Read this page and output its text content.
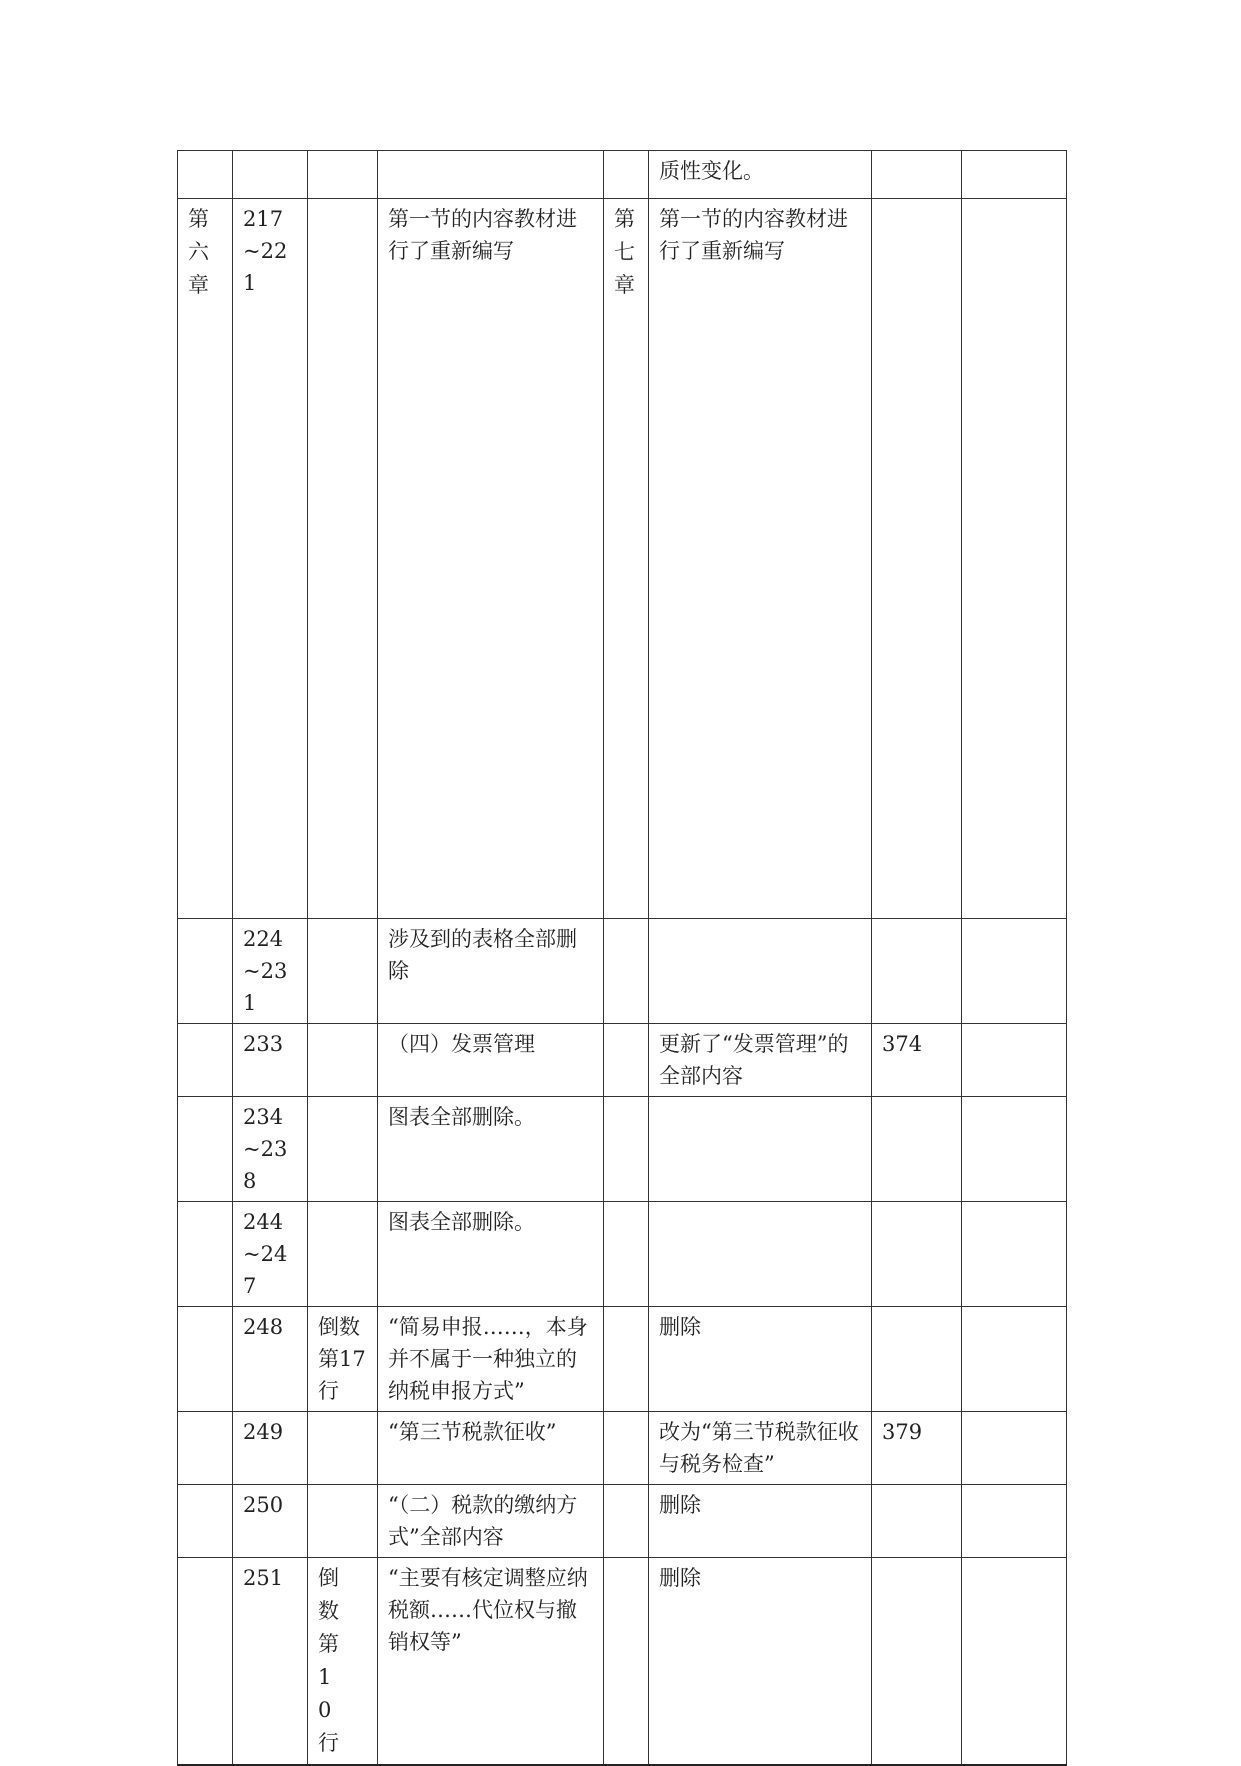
					质性变化。		

第六章	217~221		第一节的内容教材进行了重新编写	第七章	第一节的内容教材进行了重新编写		
	224~231		涉及到的表格全部删除				
	233		（四）发票管理		更新了“发票管理”的全部内容	374	
	234~238		图表全部删除。				
	244~247		图表全部删除。				
	248	倒数第17行	“简易申报……，本身并不属于一种独立的纳税申报方式”		删除		
	249		“第三节税款征收”		改为“第三节税款征收与税务检查”	379	
	250		“（二）税款的缴纳方式”全部内容		删除		
	251	倒数第10行	“主要有核定调整应纳税额……代位权与撤销权等”		删除		
